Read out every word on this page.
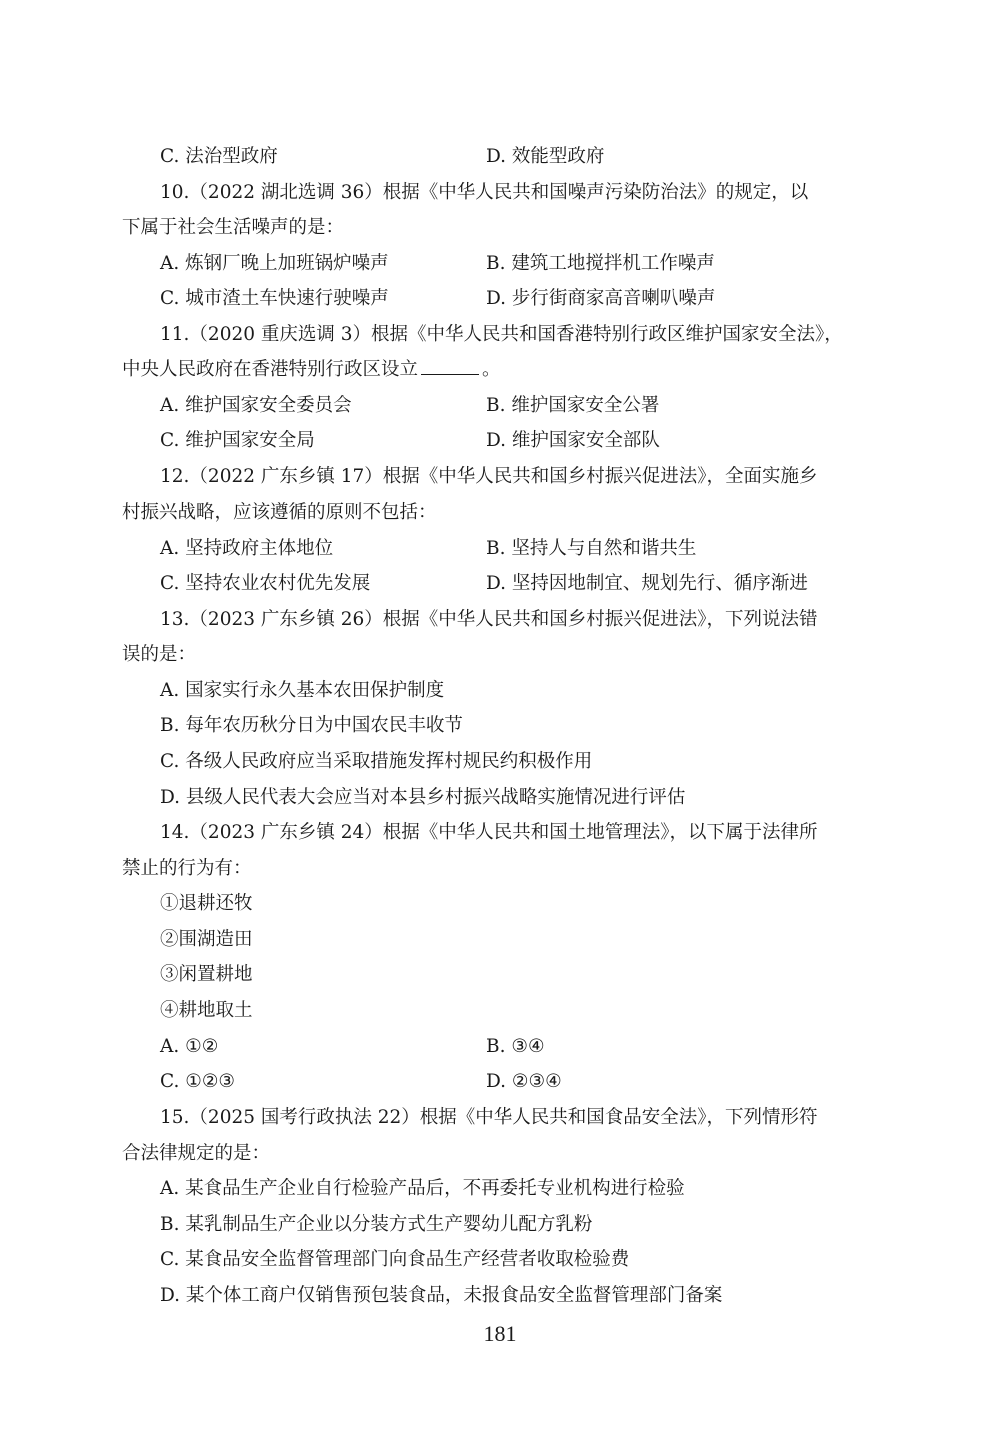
C. 法治型政府	D. 效能型政府
10.（2022 湖北选调 36）根据《中华人民共和国噪声污染防治法》的规定，以
下属于社会生活噪声的是：
A. 炼钢厂晚上加班锅炉噪声	B. 建筑工地搅拌机工作噪声
C. 城市渣土车快速行驶噪声	D. 步行街商家高音喇叭噪声
11.（2020 重庆选调 3）根据《中华人民共和国香港特别行政区维护国家安全法》，
中央人民政府在香港特别行政区设立	。
A. 维护国家安全委员会	B. 维护国家安全公署
C. 维护国家安全局	D. 维护国家安全部队
12.（2022 广东乡镇 17）根据《中华人民共和国乡村振兴促进法》，全面实施乡
村振兴战略，应该遵循的原则不包括：
A. 坚持政府主体地位	B. 坚持人与自然和谐共生
C. 坚持农业农村优先发展	D. 坚持因地制宜、规划先行、循序渐进
13.（2023 广东乡镇 26）根据《中华人民共和国乡村振兴促进法》，下列说法错
误的是：
A. 国家实行永久基本农田保护制度
B. 每年农历秋分日为中国农民丰收节
C. 各级人民政府应当采取措施发挥村规民约积极作用
D. 县级人民代表大会应当对本县乡村振兴战略实施情况进行评估
14.（2023 广东乡镇 24）根据《中华人民共和国土地管理法》，以下属于法律所
禁止的行为有：
①退耕还牧
②围湖造田
③闲置耕地
④耕地取土
A. ①②	B. ③④
C. ①②③	D. ②③④
15.（2025 国考行政执法 22）根据《中华人民共和国食品安全法》，下列情形符
合法律规定的是：
A. 某食品生产企业自行检验产品后，不再委托专业机构进行检验
B. 某乳制品生产企业以分装方式生产婴幼儿配方乳粉
C. 某食品安全监督管理部门向食品生产经营者收取检验费
D. 某个体工商户仅销售预包装食品，未报食品安全监督管理部门备案
181
